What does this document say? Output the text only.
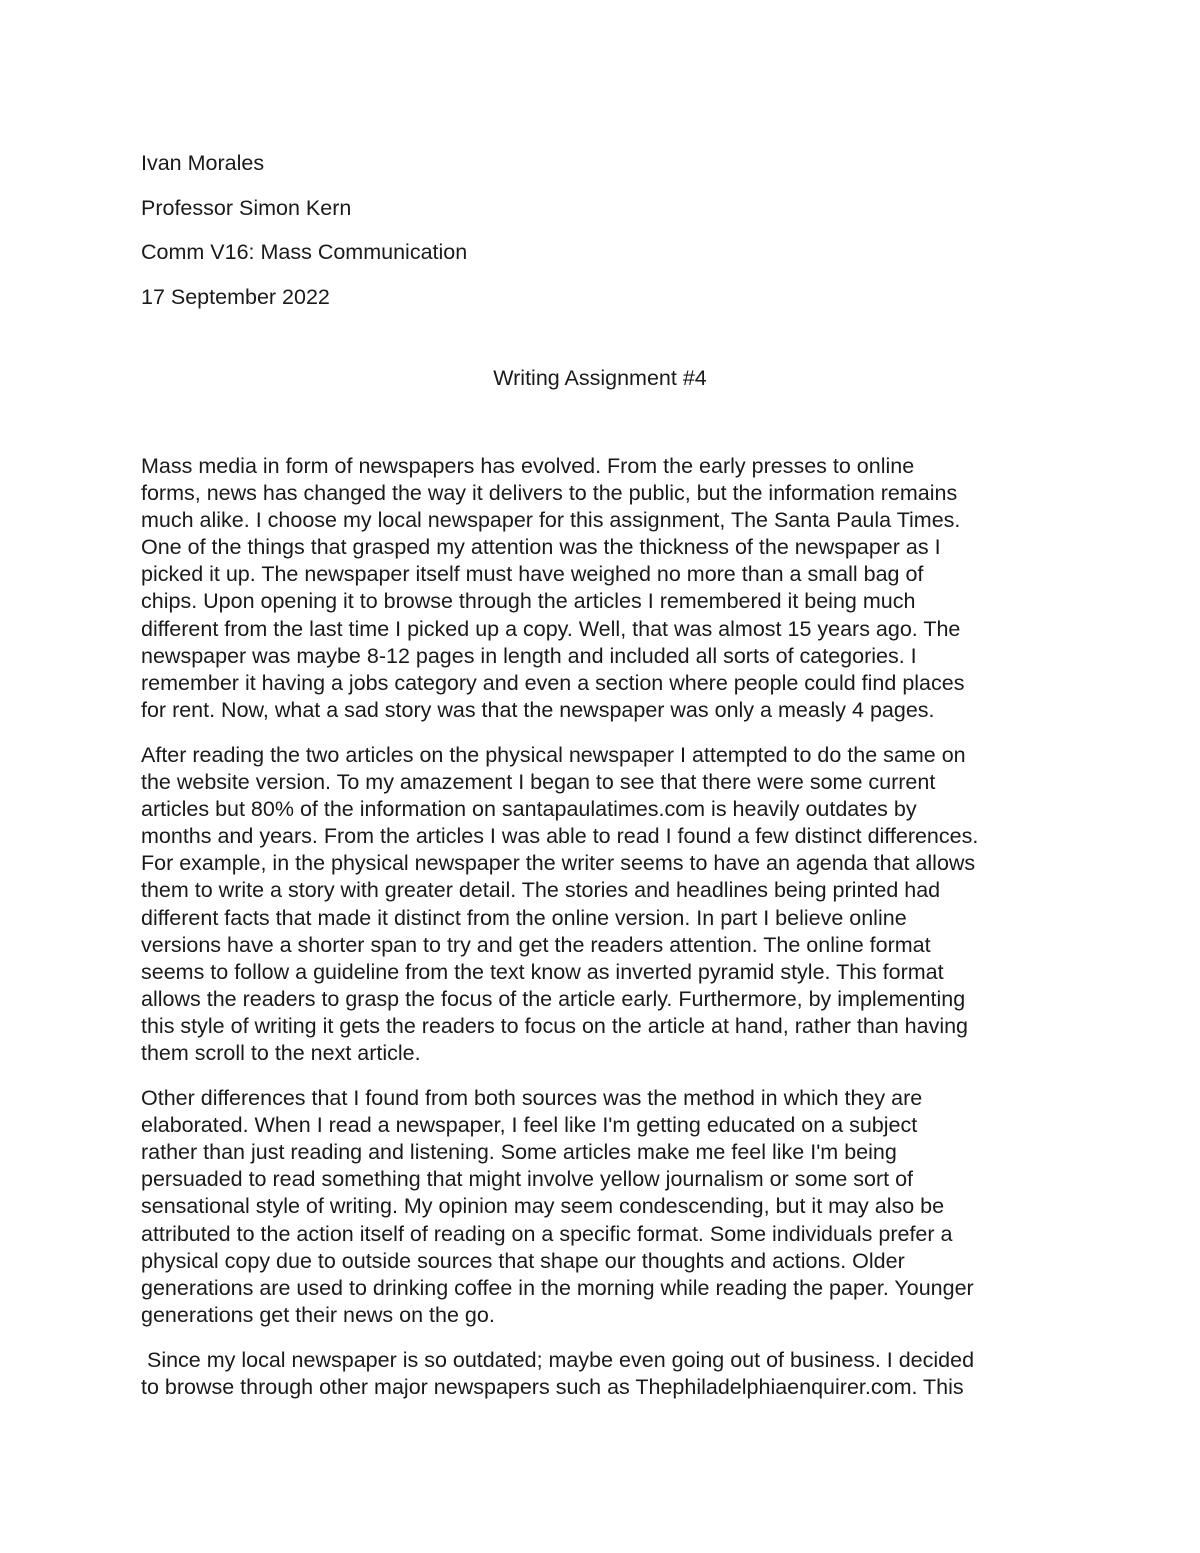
Ivan Morales
Professor Simon Kern
Comm V16: Mass Communication
17 September 2022
Writing Assignment #4

Mass media in form of newspapers has evolved. From the early presses to online
forms, news has changed the way it delivers to the public, but the information remains
much alike. I choose my local newspaper for this assignment, The Santa Paula Times.
One of the things that grasped my attention was the thickness of the newspaper as I
picked it up. The newspaper itself must have weighed no more than a small bag of
chips. Upon opening it to browse through the articles I remembered it being much
different from the last time I picked up a copy. Well, that was almost 15 years ago. The
newspaper was maybe 8-12 pages in length and included all sorts of categories. I
remember it having a jobs category and even a section where people could find places
for rent. Now, what a sad story was that the newspaper was only a measly 4 pages.

After reading the two articles on the physical newspaper I attempted to do the same on
the website version. To my amazement I began to see that there were some current
articles but 80% of the information on santapaulatimes.com is heavily outdates by
months and years. From the articles I was able to read I found a few distinct differences.
For example, in the physical newspaper the writer seems to have an agenda that allows
them to write a story with greater detail. The stories and headlines being printed had
different facts that made it distinct from the online version. In part I believe online
versions have a shorter span to try and get the readers attention. The online format
seems to follow a guideline from the text know as inverted pyramid style. This format
allows the readers to grasp the focus of the article early. Furthermore, by implementing
this style of writing it gets the readers to focus on the article at hand, rather than having
them scroll to the next article.

Other differences that I found from both sources was the method in which they are
elaborated. When I read a newspaper, I feel like I'm getting educated on a subject
rather than just reading and listening. Some articles make me feel like I'm being
persuaded to read something that might involve yellow journalism or some sort of
sensational style of writing. My opinion may seem condescending, but it may also be
attributed to the action itself of reading on a specific format. Some individuals prefer a
physical copy due to outside sources that shape our thoughts and actions. Older
generations are used to drinking coffee in the morning while reading the paper. Younger
generations get their news on the go.

Since my local newspaper is so outdated; maybe even going out of business. I decided
to browse through other major newspapers such as Thephiladelphiaenquirer.com. This
